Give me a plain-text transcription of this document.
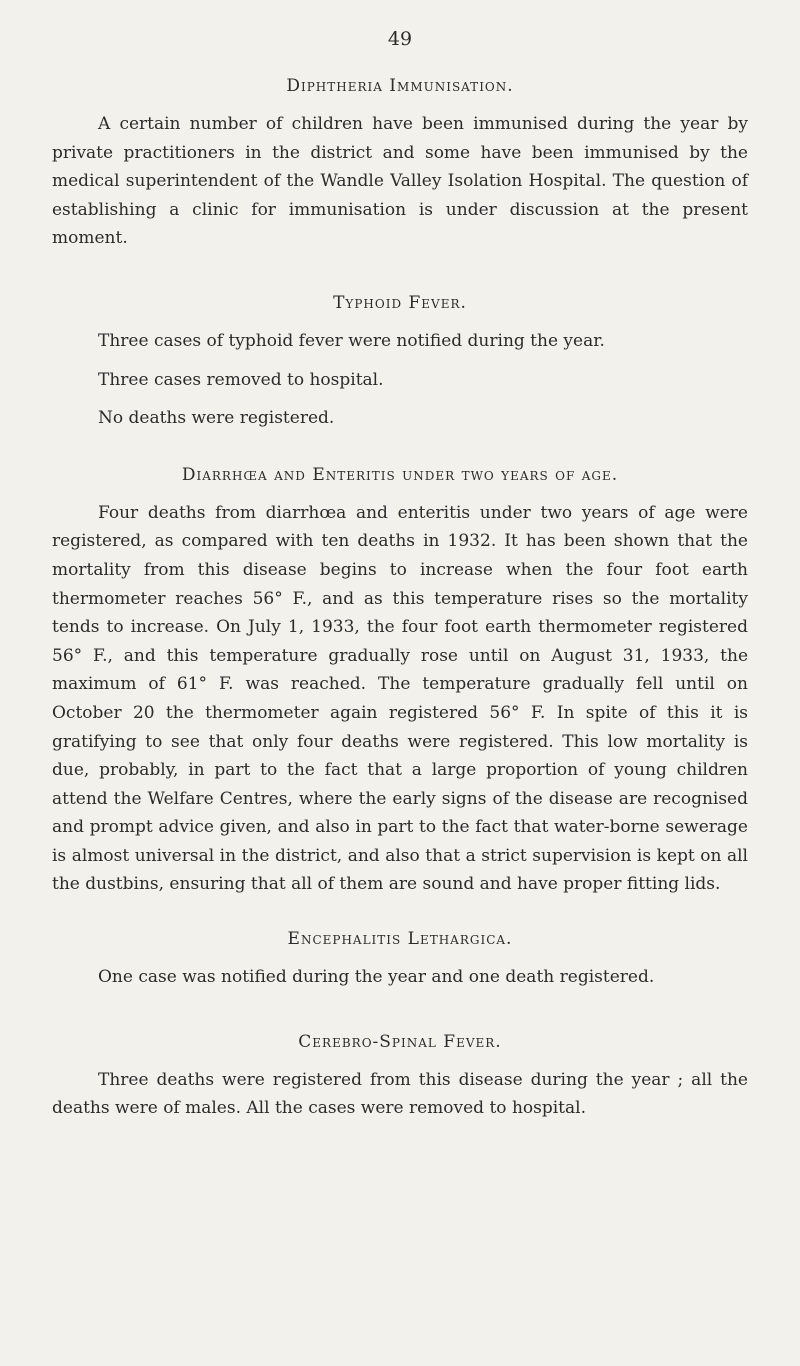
49
Diphtheria Immunisation.

A certain number of children have been immunised during the year by private practitioners in the district and some have been immunised by the medical superintendent of the Wandle Valley Isolation Hospital. The question of establishing a clinic for immunisation is under discussion at the present moment.

Typhoid Fever.

Three cases of typhoid fever were notified during the year.

Three cases removed to hospital.

No deaths were registered.

Diarrhœa and Enteritis under two years of age.

Four deaths from diarrhœa and enteritis under two years of age were registered, as compared with ten deaths in 1932. It has been shown that the mortality from this disease begins to increase when the four foot earth thermometer reaches 56° F., and as this temperature rises so the mortality tends to increase. On July 1, 1933, the four foot earth thermometer registered 56° F., and this temperature gradually rose until on August 31, 1933, the maximum of 61° F. was reached. The temperature gradually fell until on October 20 the thermometer again registered 56° F. In spite of this it is gratifying to see that only four deaths were registered. This low mortality is due, probably, in part to the fact that a large proportion of young children attend the Welfare Centres, where the early signs of the disease are recognised and prompt advice given, and also in part to the fact that water-borne sewerage is almost universal in the district, and also that a strict supervision is kept on all the dustbins, ensuring that all of them are sound and have proper fitting lids.

Encephalitis Lethargica.

One case was notified during the year and one death registered.

Cerebro-Spinal Fever.

Three deaths were registered from this disease during the year ; all the deaths were of males. All the cases were removed to hospital.
